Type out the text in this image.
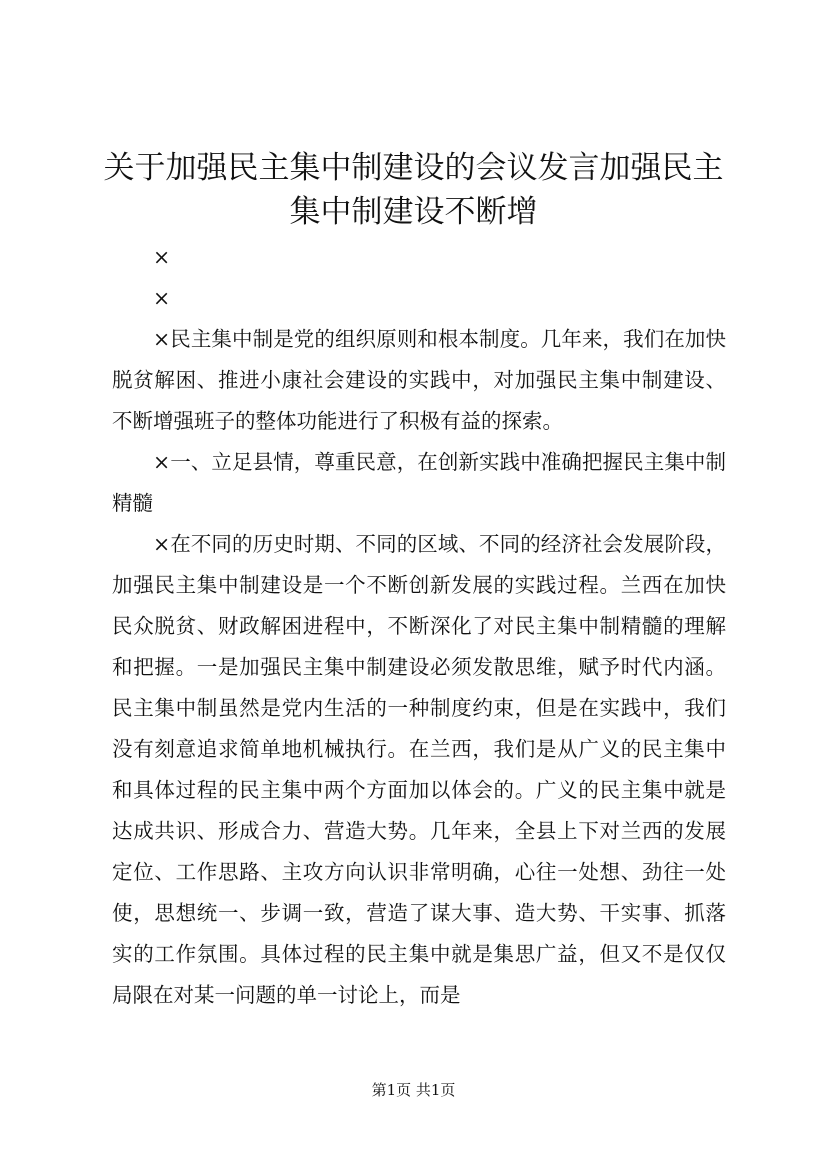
关于加强民主集中制建设的会议发言加强民主
集中制建设不断增

×

×

×民主集中制是党的组织原则和根本制度。几年来，我们在加快脱贫解困、推进小康社会建设的实践中，对加强民主集中制建设、不断增强班子的整体功能进行了积极有益的探索。

×一、立足县情，尊重民意，在创新实践中准确把握民主集中制精髓

×在不同的历史时期、不同的区域、不同的经济社会发展阶段，加强民主集中制建设是一个不断创新发展的实践过程。兰西在加快民众脱贫、财政解困进程中，不断深化了对民主集中制精髓的理解和把握。一是加强民主集中制建设必须发散思维，赋予时代内涵。民主集中制虽然是党内生活的一种制度约束，但是在实践中，我们没有刻意追求简单地机械执行。在兰西，我们是从广义的民主集中和具体过程的民主集中两个方面加以体会的。广义的民主集中就是达成共识、形成合力、营造大势。几年来，全县上下对兰西的发展定位、工作思路、主攻方向认识非常明确，心往一处想、劲往一处使，思想统一、步调一致，营造了谋大事、造大势、干实事、抓落实的工作氛围。具体过程的民主集中就是集思广益，但又不是仅仅局限在对某一问题的单一讨论上，而是

第1页 共1页
